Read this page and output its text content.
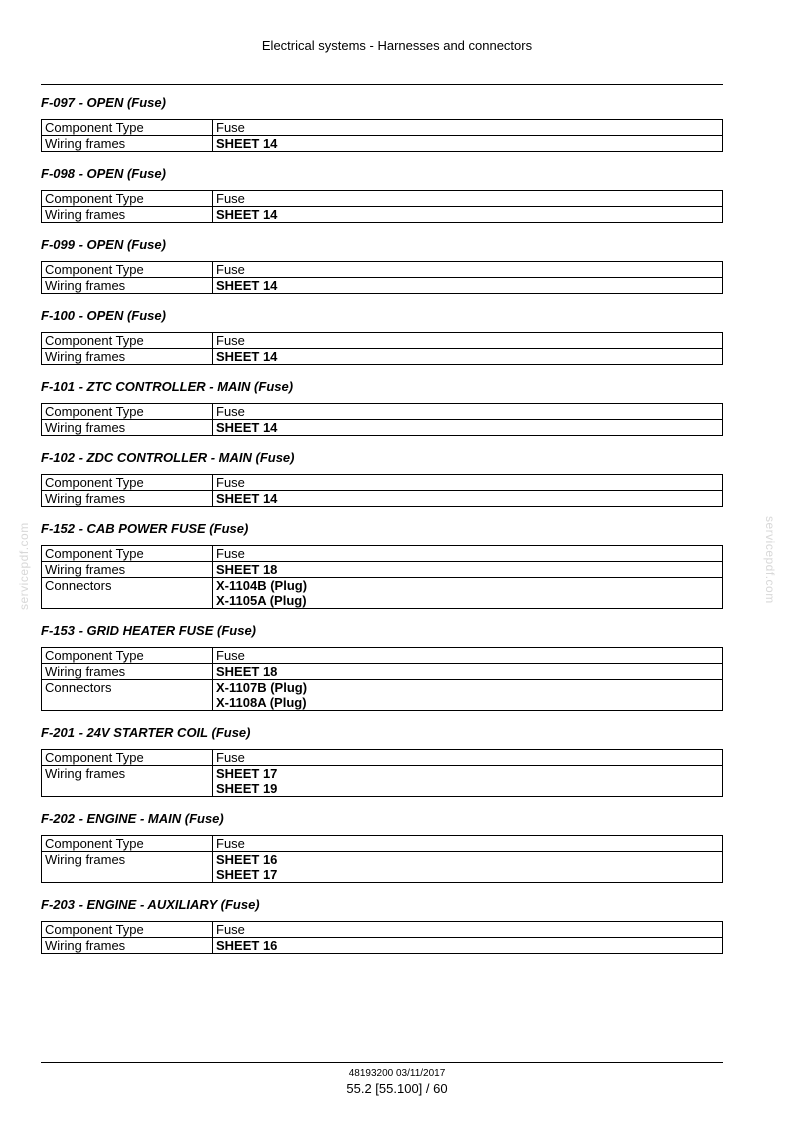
Electrical systems - Harnesses and connectors
servicepdf.com	servicepdf.com
F-097 - OPEN (Fuse)
Component Type	Fuse

Wiring frames	SHEET 14
F-098 - OPEN (Fuse)
Component Type	Fuse

Wiring frames	SHEET 14
F-099 - OPEN (Fuse)
Component Type	Fuse

Wiring frames	SHEET 14
F-100 - OPEN (Fuse)
Component Type	Fuse

Wiring frames	SHEET 14
F-101 - ZTC CONTROLLER - MAIN (Fuse)
Component Type	Fuse

Wiring frames	SHEET 14
F-102 - ZDC CONTROLLER - MAIN (Fuse)
Component Type	Fuse

Wiring frames	SHEET 14
F-152 - CAB POWER FUSE (Fuse)
Component Type	Fuse

Wiring frames	SHEET 18

Connectors	X-1104B (Plug)
X-1105A (Plug)
F-153 - GRID HEATER FUSE (Fuse)
Component Type	Fuse

Wiring frames	SHEET 18

Connectors	X-1107B (Plug)
X-1108A (Plug)
F-201 - 24V STARTER COIL (Fuse)
Component Type	Fuse

Wiring frames	SHEET 17
SHEET 19
F-202 - ENGINE - MAIN (Fuse)
Component Type	Fuse

Wiring frames	SHEET 16
SHEET 17
F-203 - ENGINE - AUXILIARY (Fuse)
Component Type	Fuse

Wiring frames	SHEET 16
48193200 03/11/2017
55.2 [55.100] / 60
